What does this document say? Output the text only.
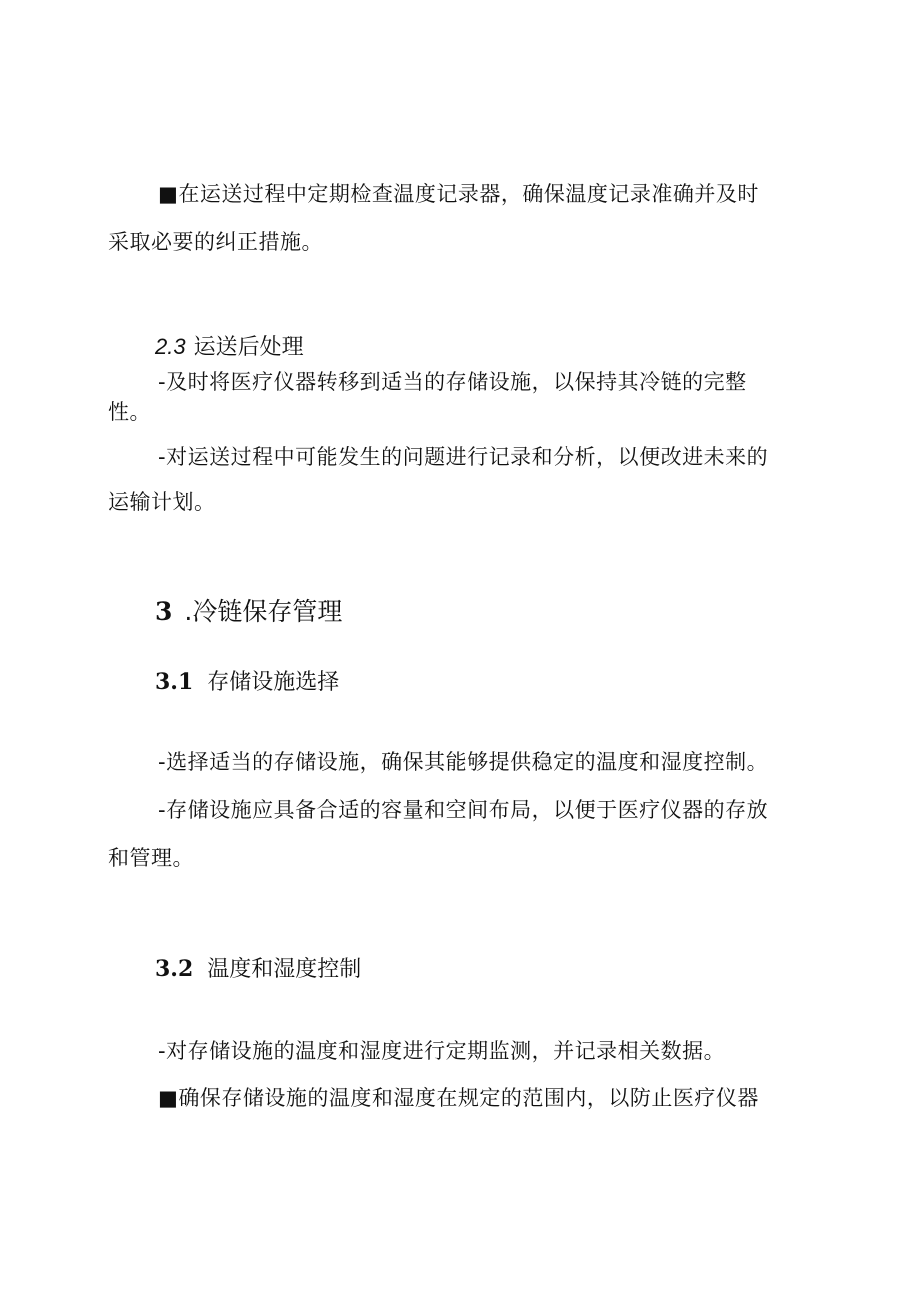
■在运送过程中定期检查温度记录器，确保温度记录准确并及时
采取必要的纠正措施。
2.3 运送后处理
-及时将医疗仪器转移到适当的存储设施，以保持其冷链的完整
性。
-对运送过程中可能发生的问题进行记录和分析，以便改进未来的
运输计划。
3 .冷链保存管理
3.1 存储设施选择
-选择适当的存储设施，确保其能够提供稳定的温度和湿度控制。
-存储设施应具备合适的容量和空间布局，以便于医疗仪器的存放
和管理。
3.2 温度和湿度控制
-对存储设施的温度和湿度进行定期监测，并记录相关数据。
■确保存储设施的温度和湿度在规定的范围内，以防止医疗仪器
